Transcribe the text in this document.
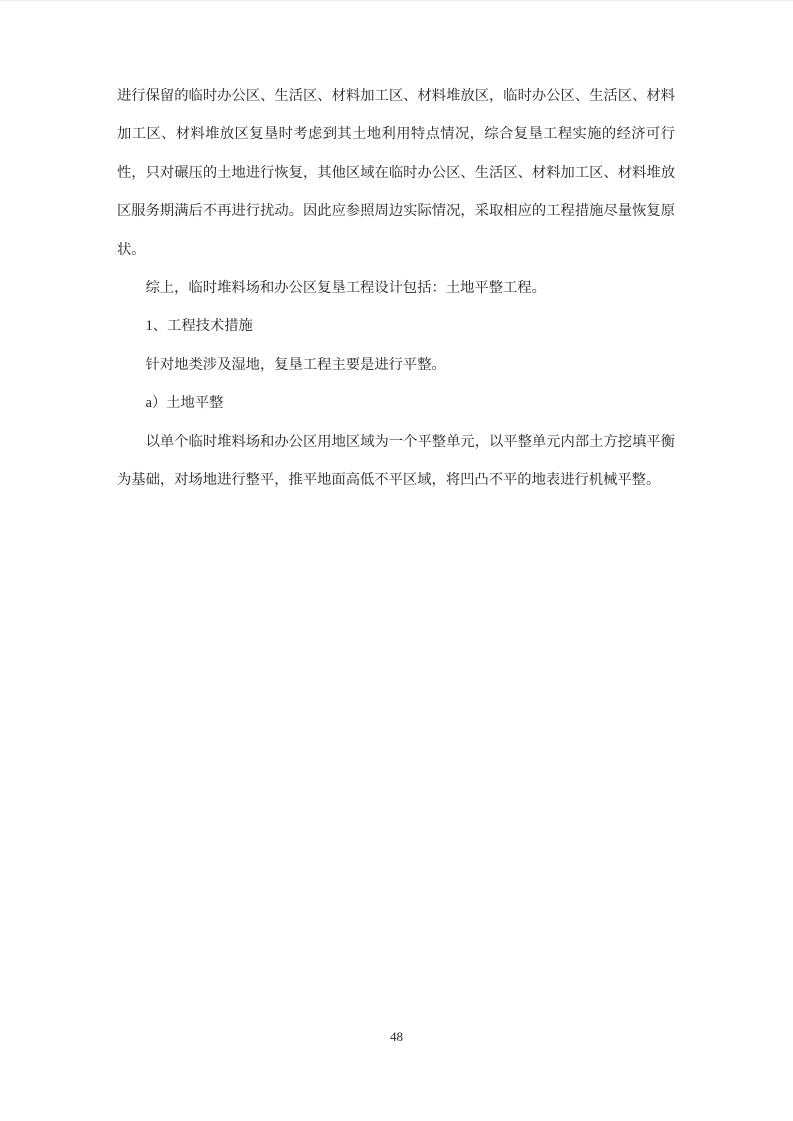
进行保留的临时办公区、生活区、材料加工区、材料堆放区，临时办公区、生活区、材料加工区、材料堆放区复垦时考虑到其土地利用特点情况，综合复垦工程实施的经济可行性，只对碾压的土地进行恢复，其他区域在临时办公区、生活区、材料加工区、材料堆放区服务期满后不再进行扰动。因此应参照周边实际情况，采取相应的工程措施尽量恢复原状。

综上，临时堆料场和办公区复垦工程设计包括：土地平整工程。

1、工程技术措施

针对地类涉及湿地，复垦工程主要是进行平整。

a）土地平整

以单个临时堆料场和办公区用地区域为一个平整单元，以平整单元内部土方挖填平衡为基础，对场地进行整平，推平地面高低不平区域，将凹凸不平的地表进行机械平整。

48
